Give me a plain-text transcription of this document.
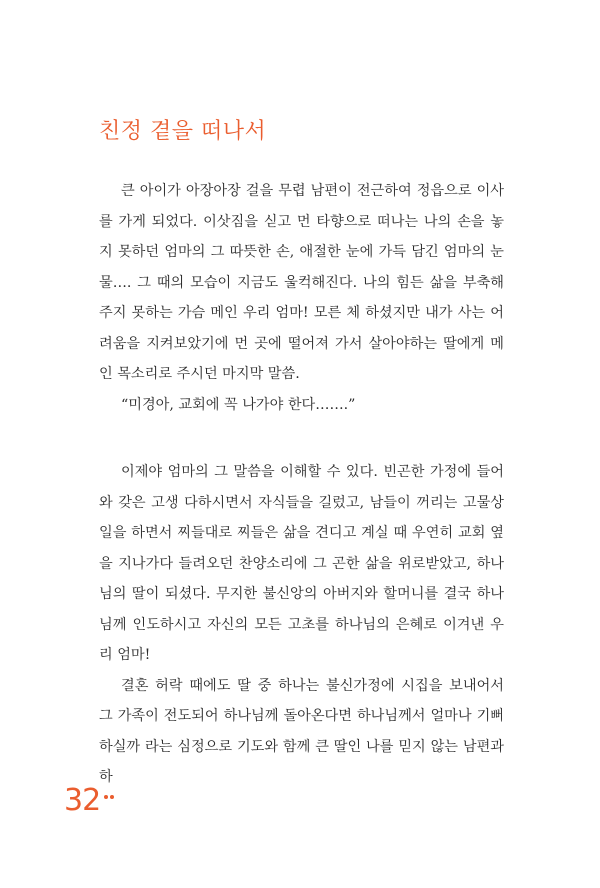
친정 곁을 떠나서

큰 아이가 아장아장 걸을 무렵 남편이 전근하여 정읍으로 이사를 가게 되었다. 이삿짐을 싣고 먼 타향으로 떠나는 나의 손을 놓지 못하던 엄마의 그 따뜻한 손, 애절한 눈에 가득 담긴 엄마의 눈물…. 그 때의 모습이 지금도 울컥해진다. 나의 힘든 삶을 부축해주지 못하는 가슴 메인 우리 엄마! 모른 체 하셨지만 내가 사는 어려움을 지켜보았기에 먼 곳에 떨어져 가서 살아야하는 딸에게 메인 목소리로 주시던 마지막 말씀.

“미경아, 교회에 꼭 나가야 한다…….”

이제야 엄마의 그 말씀을 이해할 수 있다. 빈곤한 가정에 들어와 갖은 고생 다하시면서 자식들을 길렀고, 남들이 꺼리는 고물상 일을 하면서 찌들대로 찌들은 삶을 견디고 계실 때 우연히 교회 옆을 지나가다 들려오던 찬양소리에 그 곤한 삶을 위로받았고, 하나님의 딸이 되셨다. 무지한 불신앙의 아버지와 할머니를 결국 하나님께 인도하시고 자신의 모든 고초를 하나님의 은혜로 이겨낸 우리 엄마!

결혼 허락 때에도 딸 중 하나는 불신가정에 시집을 보내어서 그 가족이 전도되어 하나님께 돌아온다면 하나님께서 얼마나 기뻐하실까 라는 심정으로 기도와 함께 큰 딸인 나를 믿지 않는 남편과 하

32
